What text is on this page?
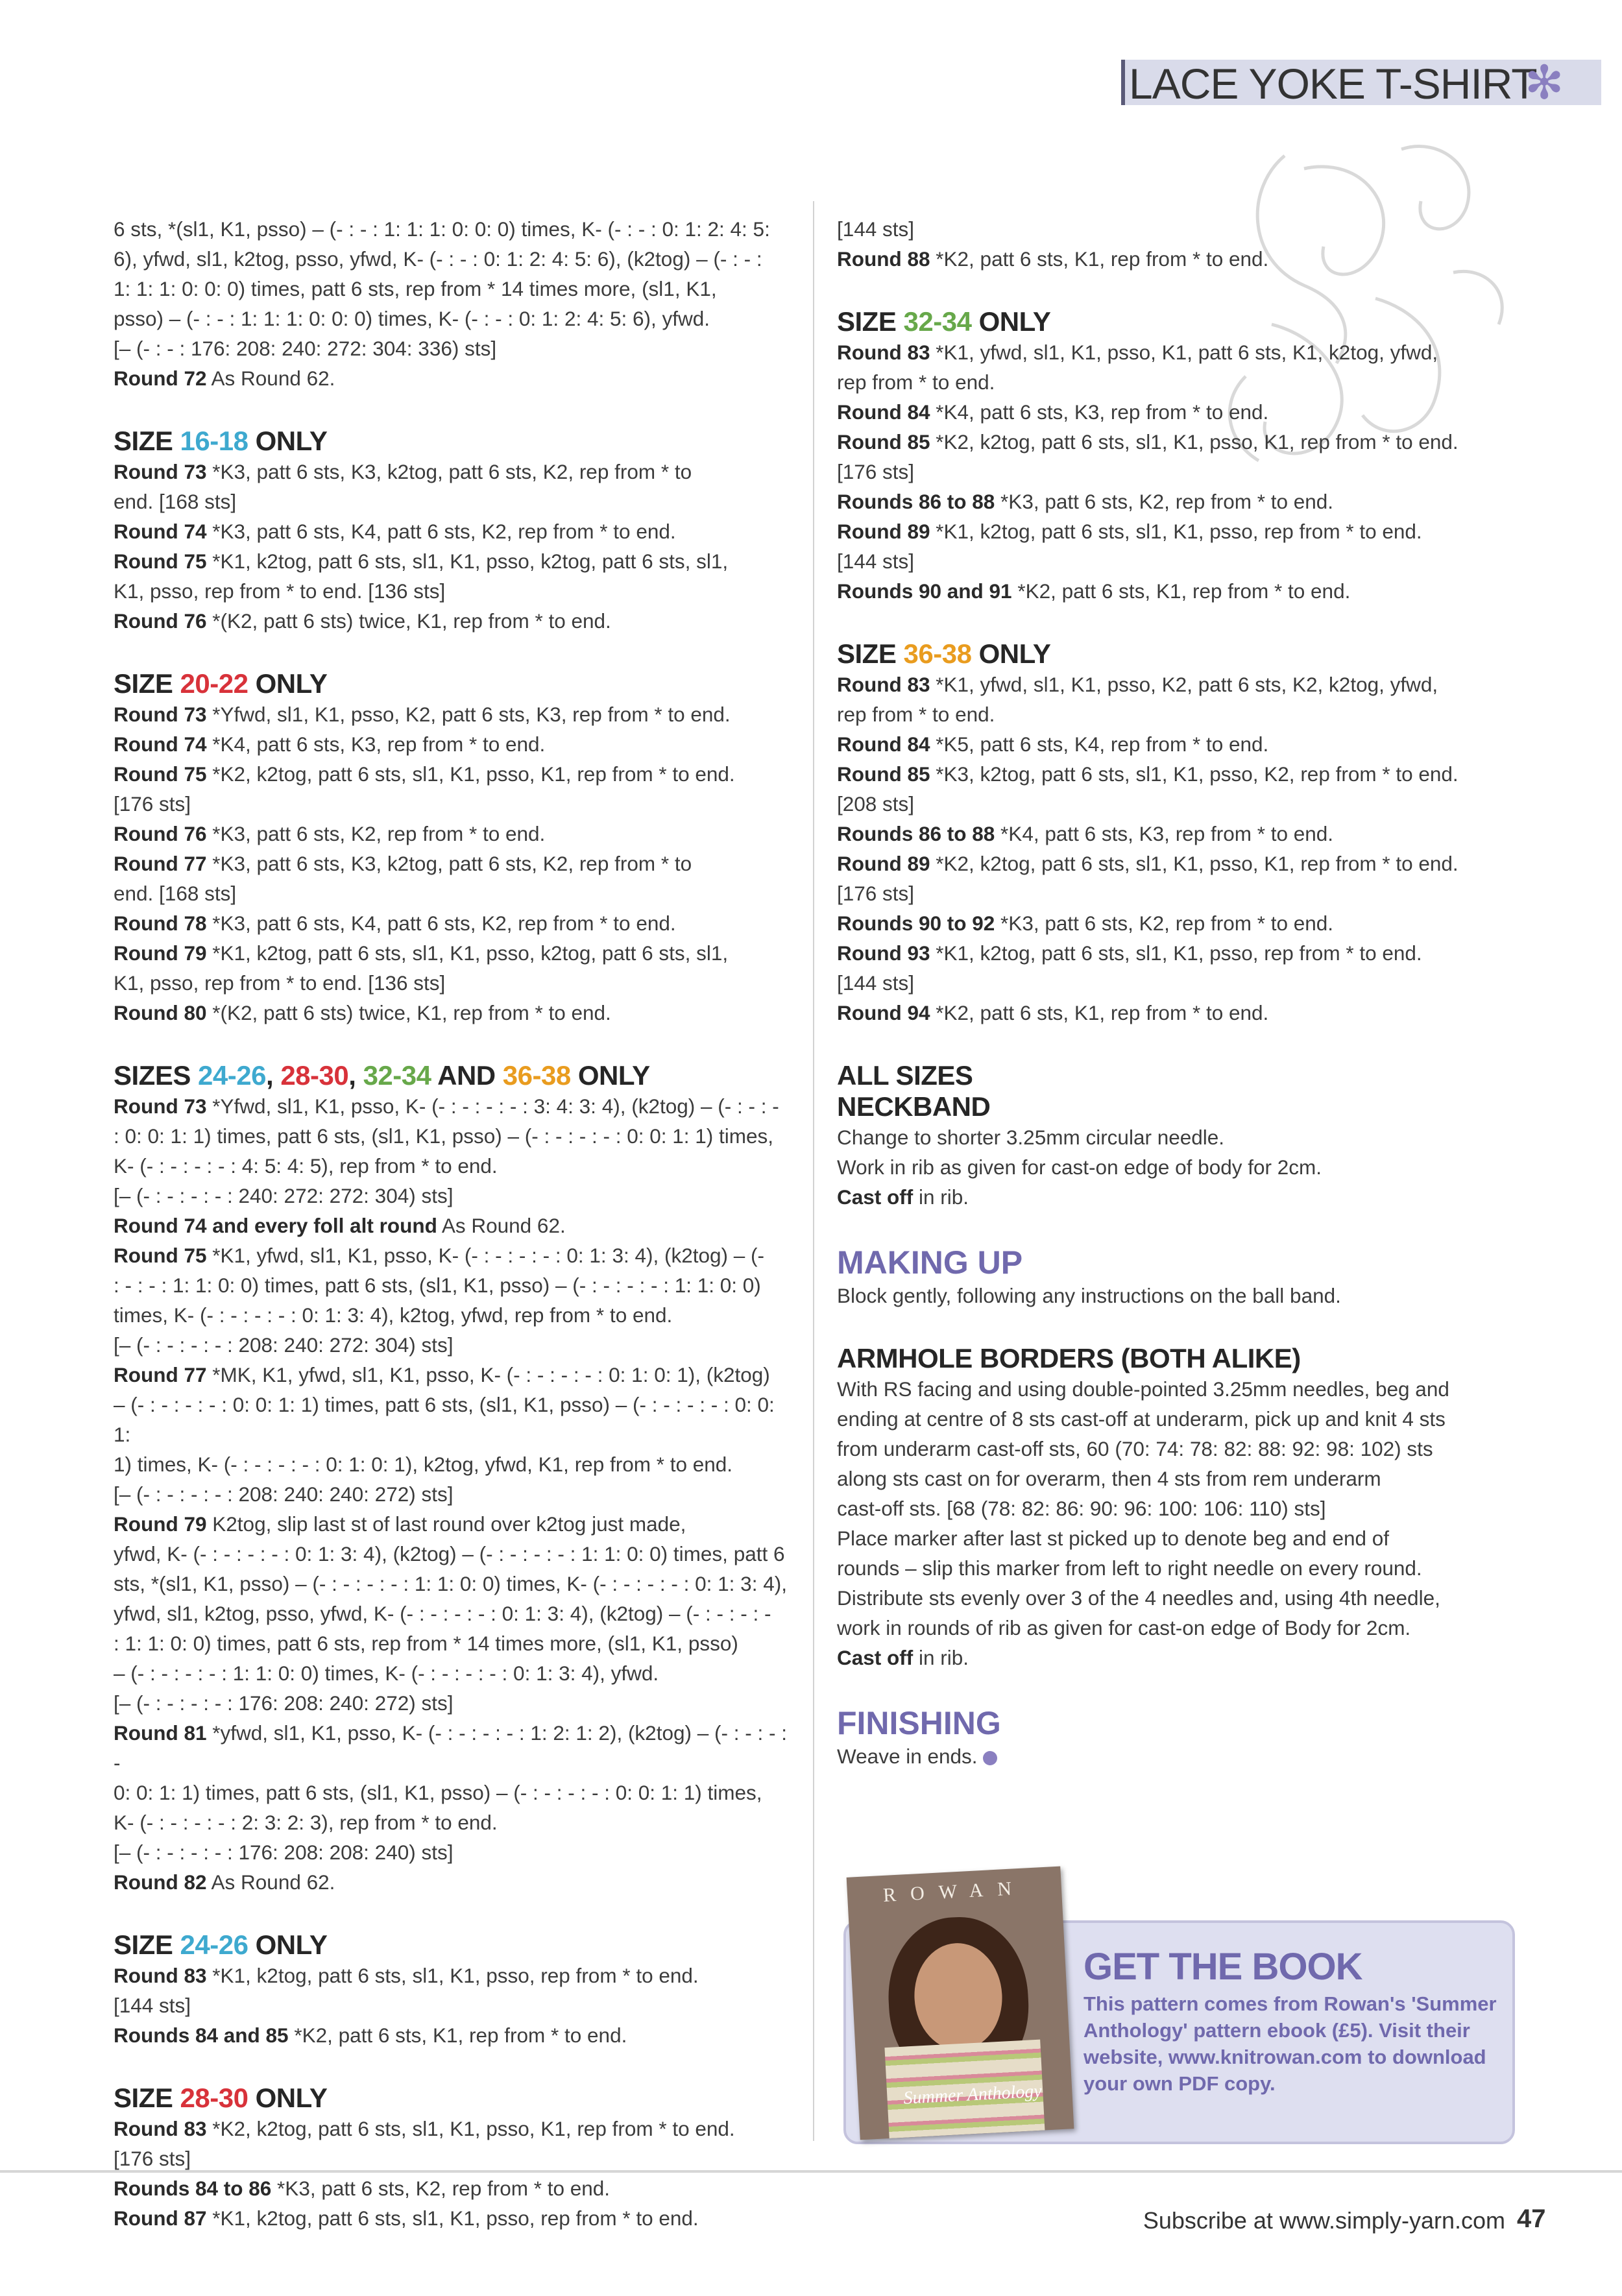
LACE YOKE T-SHIRT
✻

6 sts, *(sl1, K1, psso) – (- : - : 1: 1: 1: 0: 0: 0) times, K- (- : - : 0: 1: 2: 4: 5:

6), yfwd, sl1, k2tog, psso, yfwd, K- (- : - : 0: 1: 2: 4: 5: 6), (k2tog) – (- : - :

1: 1: 1: 0: 0: 0) times, patt 6 sts, rep from * 14 times more, (sl1, K1,

psso) – (- : - : 1: 1: 1: 0: 0: 0) times, K- (- : - : 0: 1: 2: 4: 5: 6), yfwd.

[– (- : - : 176: 208: 240: 272: 304: 336) sts]

Round 72 As Round 62.

SIZE 16-18 ONLY

Round 73 *K3, patt 6 sts, K3, k2tog, patt 6 sts, K2, rep from * to

end. [168 sts]

Round 74 *K3, patt 6 sts, K4, patt 6 sts, K2, rep from * to end.

Round 75 *K1, k2tog, patt 6 sts, sl1, K1, psso, k2tog, patt 6 sts, sl1,

K1, psso, rep from * to end. [136 sts]

Round 76 *(K2, patt 6 sts) twice, K1, rep from * to end.

SIZE 20-22 ONLY

Round 73 *Yfwd, sl1, K1, psso, K2, patt 6 sts, K3, rep from * to end.

Round 74 *K4, patt 6 sts, K3, rep from * to end.

Round 75 *K2, k2tog, patt 6 sts, sl1, K1, psso, K1, rep from * to end.

[176 sts]

Round 76 *K3, patt 6 sts, K2, rep from * to end.

Round 77 *K3, patt 6 sts, K3, k2tog, patt 6 sts, K2, rep from * to

end. [168 sts]

Round 78 *K3, patt 6 sts, K4, patt 6 sts, K2, rep from * to end.

Round 79 *K1, k2tog, patt 6 sts, sl1, K1, psso, k2tog, patt 6 sts, sl1,

K1, psso, rep from * to end. [136 sts]

Round 80 *(K2, patt 6 sts) twice, K1, rep from * to end.

SIZES 24-26, 28-30, 32-34 AND 36-38 ONLY

Round 73 *Yfwd, sl1, K1, psso, K- (- : - : - : - : 3: 4: 3: 4), (k2tog) – (- : - : -

: 0: 0: 1: 1) times, patt 6 sts, (sl1, K1, psso) – (- : - : - : - : 0: 0: 1: 1) times,

K- (- : - : - : - : 4: 5: 4: 5), rep from * to end.

[– (- : - : - : - : 240: 272: 272: 304) sts]

Round 74 and every foll alt round As Round 62.

Round 75 *K1, yfwd, sl1, K1, psso, K- (- : - : - : - : 0: 1: 3: 4), (k2tog) – (-

: - : - : 1: 1: 0: 0) times, patt 6 sts, (sl1, K1, psso) – (- : - : - : - : 1: 1: 0: 0)

times, K- (- : - : - : - : 0: 1: 3: 4), k2tog, yfwd, rep from * to end.

[– (- : - : - : - : 208: 240: 272: 304) sts]

Round 77 *MK, K1, yfwd, sl1, K1, psso, K- (- : - : - : - : 0: 1: 0: 1), (k2tog)

– (- : - : - : - : 0: 0: 1: 1) times, patt 6 sts, (sl1, K1, psso) – (- : - : - : - : 0: 0: 1:

1) times, K- (- : - : - : - : 0: 1: 0: 1), k2tog, yfwd, K1, rep from * to end.

[– (- : - : - : - : 208: 240: 240: 272) sts]

Round 79 K2tog, slip last st of last round over k2tog just made,

yfwd, K- (- : - : - : - : 0: 1: 3: 4), (k2tog) – (- : - : - : - : 1: 1: 0: 0) times, patt 6

sts, *(sl1, K1, psso) – (- : - : - : - : 1: 1: 0: 0) times, K- (- : - : - : - : 0: 1: 3: 4),

yfwd, sl1, k2tog, psso, yfwd, K- (- : - : - : - : 0: 1: 3: 4), (k2tog) – (- : - : - : -

: 1: 1: 0: 0) times, patt 6 sts, rep from * 14 times more, (sl1, K1, psso)

– (- : - : - : - : 1: 1: 0: 0) times, K- (- : - : - : - : 0: 1: 3: 4), yfwd.

[– (- : - : - : - : 176: 208: 240: 272) sts]

Round 81 *yfwd, sl1, K1, psso, K- (- : - : - : - : 1: 2: 1: 2), (k2tog) – (- : - : - : -

0: 0: 1: 1) times, patt 6 sts, (sl1, K1, psso) – (- : - : - : - : 0: 0: 1: 1) times,

K- (- : - : - : - : 2: 3: 2: 3), rep from * to end.

[– (- : - : - : - : 176: 208: 208: 240) sts]

Round 82 As Round 62.

SIZE 24-26 ONLY

Round 83 *K1, k2tog, patt 6 sts, sl1, K1, psso, rep from * to end.

[144 sts]

Rounds 84 and 85 *K2, patt 6 sts, K1, rep from * to end.

SIZE 28-30 ONLY

Round 83 *K2, k2tog, patt 6 sts, sl1, K1, psso, K1, rep from * to end.

[176 sts]

Rounds 84 to 86 *K3, patt 6 sts, K2, rep from * to end.

Round 87 *K1, k2tog, patt 6 sts, sl1, K1, psso, rep from * to end.

[144 sts]

Round 88 *K2, patt 6 sts, K1, rep from * to end.

SIZE 32-34 ONLY

Round 83 *K1, yfwd, sl1, K1, psso, K1, patt 6 sts, K1, k2tog, yfwd,

rep from * to end.

Round 84 *K4, patt 6 sts, K3, rep from * to end.

Round 85 *K2, k2tog, patt 6 sts, sl1, K1, psso, K1, rep from * to end.

[176 sts]

Rounds 86 to 88 *K3, patt 6 sts, K2, rep from * to end.

Round 89 *K1, k2tog, patt 6 sts, sl1, K1, psso, rep from * to end.

[144 sts]

Rounds 90 and 91 *K2, patt 6 sts, K1, rep from * to end.

SIZE 36-38 ONLY

Round 83 *K1, yfwd, sl1, K1, psso, K2, patt 6 sts, K2, k2tog, yfwd,

rep from * to end.

Round 84 *K5, patt 6 sts, K4, rep from * to end.

Round 85 *K3, k2tog, patt 6 sts, sl1, K1, psso, K2, rep from * to end.

[208 sts]

Rounds 86 to 88 *K4, patt 6 sts, K3, rep from * to end.

Round 89 *K2, k2tog, patt 6 sts, sl1, K1, psso, K1, rep from * to end.

[176 sts]

Rounds 90 to 92 *K3, patt 6 sts, K2, rep from * to end.

Round 93 *K1, k2tog, patt 6 sts, sl1, K1, psso, rep from * to end.

[144 sts]

Round 94 *K2, patt 6 sts, K1, rep from * to end.

ALL SIZES

NECKBAND

Change to shorter 3.25mm circular needle.

Work in rib as given for cast-on edge of body for 2cm.

Cast off in rib.

MAKING UP

Block gently, following any instructions on the ball band.

ARMHOLE BORDERS (BOTH ALIKE)

With RS facing and using double-pointed 3.25mm needles, beg and

ending at centre of 8 sts cast-off at underarm, pick up and knit 4 sts

from underarm cast-off sts, 60 (70: 74: 78: 82: 88: 92: 98: 102) sts

along sts cast on for overarm, then 4 sts from rem underarm

cast-off sts. [68 (78: 82: 86: 90: 96: 100: 106: 110) sts]

Place marker after last st picked up to denote beg and end of

rounds – slip this marker from left to right needle on every round.

Distribute sts evenly over 3 of the 4 needles and, using 4th needle,

work in rounds of rib as given for cast-on edge of Body for 2cm.

Cast off in rib.

FINISHING

Weave in ends.

ROWAN
Summer Anthology

GET THE BOOK

This pattern comes from Rowan's 'Summer Anthology' pattern ebook (£5). Visit their website, www.knitrowan.com to download your own PDF copy.

Subscribe at www.simply-yarn.com 47
